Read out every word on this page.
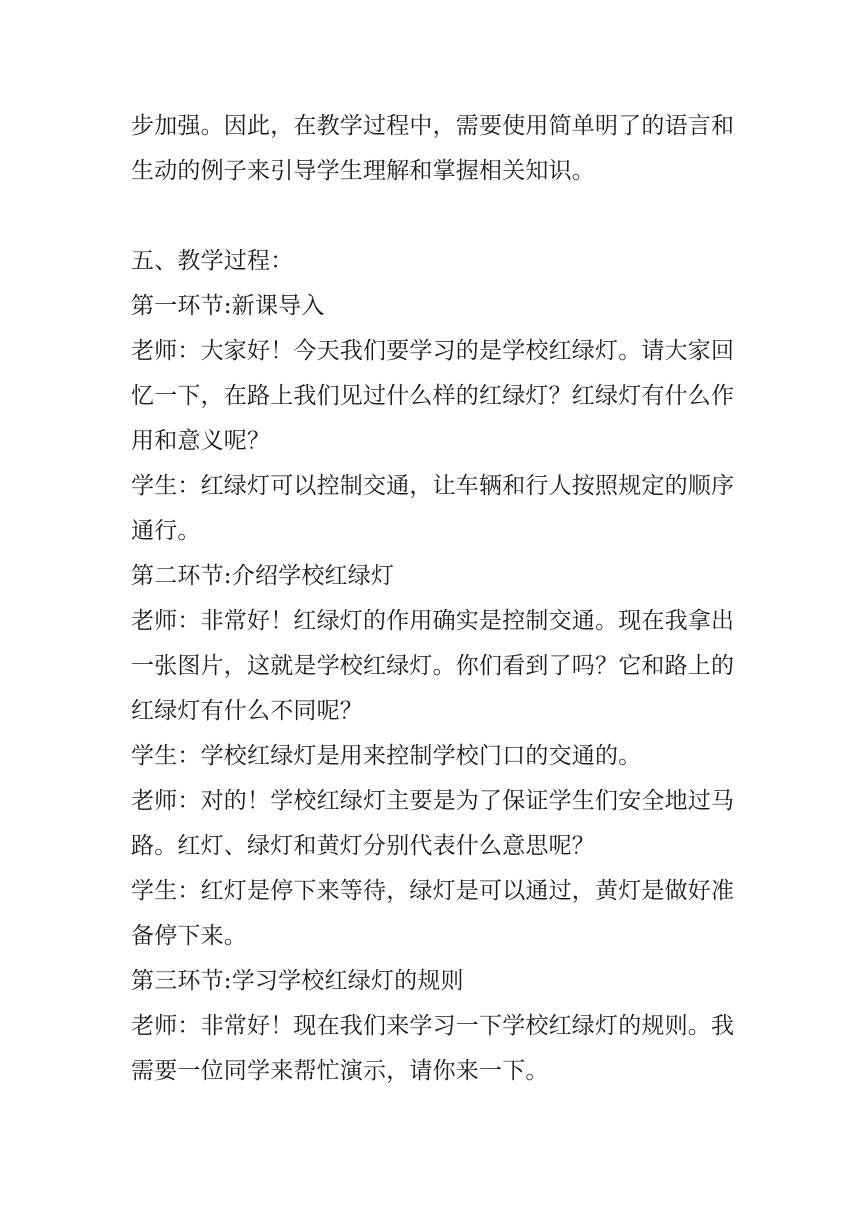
步加强。因此，在教学过程中，需要使用简单明了的语言和
生动的例子来引导学生理解和掌握相关知识。
五、教学过程：
第一环节:新课导入
老师：大家好！今天我们要学习的是学校红绿灯。请大家回
忆一下，在路上我们见过什么样的红绿灯？红绿灯有什么作
用和意义呢？
学生：红绿灯可以控制交通，让车辆和行人按照规定的顺序
通行。
第二环节:介绍学校红绿灯
老师：非常好！红绿灯的作用确实是控制交通。现在我拿出
一张图片，这就是学校红绿灯。你们看到了吗？它和路上的
红绿灯有什么不同呢？
学生：学校红绿灯是用来控制学校门口的交通的。
老师：对的！学校红绿灯主要是为了保证学生们安全地过马
路。红灯、绿灯和黄灯分别代表什么意思呢？
学生：红灯是停下来等待，绿灯是可以通过，黄灯是做好准
备停下来。
第三环节:学习学校红绿灯的规则
老师：非常好！现在我们来学习一下学校红绿灯的规则。我
需要一位同学来帮忙演示，请你来一下。
